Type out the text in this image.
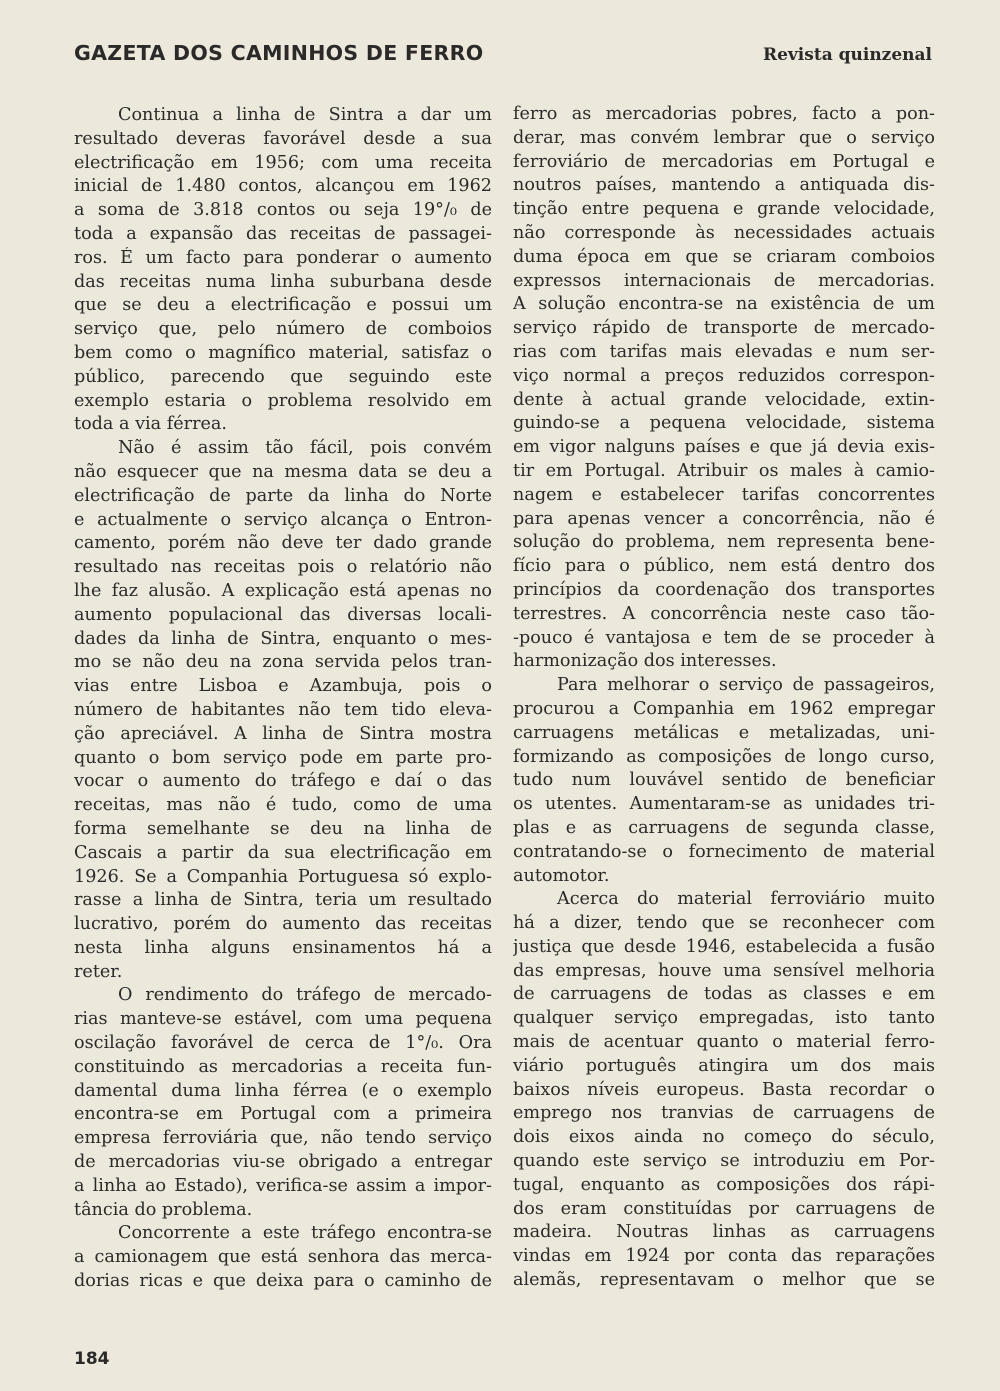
GAZETA DOS CAMINHOS DE FERRO	Revista quinzenal
Continua a linha de Sintra a dar um
resultado deveras favorável desde a sua
electrificação em 1956; com uma receita
inicial de 1.480 contos, alcançou em 1962
a soma de 3.818 contos ou seja 19°/₀ de
toda a expansão das receitas de passagei-
ros. É um facto para ponderar o aumento
das receitas numa linha suburbana desde
que se deu a electrificação e possui um
serviço que, pelo número de comboios
bem como o magnífico material, satisfaz o
público, parecendo que seguindo este
exemplo estaria o problema resolvido em
toda a via férrea.
Não é assim tão fácil, pois convém
não esquecer que na mesma data se deu a
electrificação de parte da linha do Norte
e actualmente o serviço alcança o Entron-
camento, porém não deve ter dado grande
resultado nas receitas pois o relatório não
lhe faz alusão. A explicação está apenas no
aumento populacional das diversas locali-
dades da linha de Sintra, enquanto o mes-
mo se não deu na zona servida pelos tran-
vias entre Lisboa e Azambuja, pois o
número de habitantes não tem tido eleva-
ção apreciável. A linha de Sintra mostra
quanto o bom serviço pode em parte pro-
vocar o aumento do tráfego e daí o das
receitas, mas não é tudo, como de uma
forma semelhante se deu na linha de
Cascais a partir da sua electrificação em
1926. Se a Companhia Portuguesa só explo-
rasse a linha de Sintra, teria um resultado
lucrativo, porém do aumento das receitas
nesta linha alguns ensinamentos há a
reter.
O rendimento do tráfego de mercado-
rias manteve-se estável, com uma pequena
oscilação favorável de cerca de 1°/₀. Ora
constituindo as mercadorias a receita fun-
damental duma linha férrea (e o exemplo
encontra-se em Portugal com a primeira
empresa ferroviária que, não tendo serviço
de mercadorias viu-se obrigado a entregar
a linha ao Estado), verifica-se assim a impor-
tância do problema.
Concorrente a este tráfego encontra-se
a camionagem que está senhora das merca-
dorias ricas e que deixa para o caminho de
ferro as mercadorias pobres, facto a pon-
derar, mas convém lembrar que o serviço
ferroviário de mercadorias em Portugal e
noutros países, mantendo a antiquada dis-
tinção entre pequena e grande velocidade,
não corresponde às necessidades actuais
duma época em que se criaram comboios
expressos internacionais de mercadorias.
A solução encontra-se na existência de um
serviço rápido de transporte de mercado-
rias com tarifas mais elevadas e num ser-
viço normal a preços reduzidos correspon-
dente à actual grande velocidade, extin-
guindo-se a pequena velocidade, sistema
em vigor nalguns países e que já devia exis-
tir em Portugal. Atribuir os males à camio-
nagem e estabelecer tarifas concorrentes
para apenas vencer a concorrência, não é
solução do problema, nem representa bene-
fício para o público, nem está dentro dos
princípios da coordenação dos transportes
terrestres. A concorrência neste caso tão-
-pouco é vantajosa e tem de se proceder à
harmonização dos interesses.
Para melhorar o serviço de passageiros,
procurou a Companhia em 1962 empregar
carruagens metálicas e metalizadas, uni-
formizando as composições de longo curso,
tudo num louvável sentido de beneficiar
os utentes. Aumentaram-se as unidades tri-
plas e as carruagens de segunda classe,
contratando-se o fornecimento de material
automotor.
Acerca do material ferroviário muito
há a dizer, tendo que se reconhecer com
justiça que desde 1946, estabelecida a fusão
das empresas, houve uma sensível melhoria
de carruagens de todas as classes e em
qualquer serviço empregadas, isto tanto
mais de acentuar quanto o material ferro-
viário português atingira um dos mais
baixos níveis europeus. Basta recordar o
emprego nos tranvias de carruagens de
dois eixos ainda no começo do século,
quando este serviço se introduziu em Por-
tugal, enquanto as composições dos rápi-
dos eram constituídas por carruagens de
madeira. Noutras linhas as carruagens
vindas em 1924 por conta das reparações
alemãs, representavam o melhor que se
184
